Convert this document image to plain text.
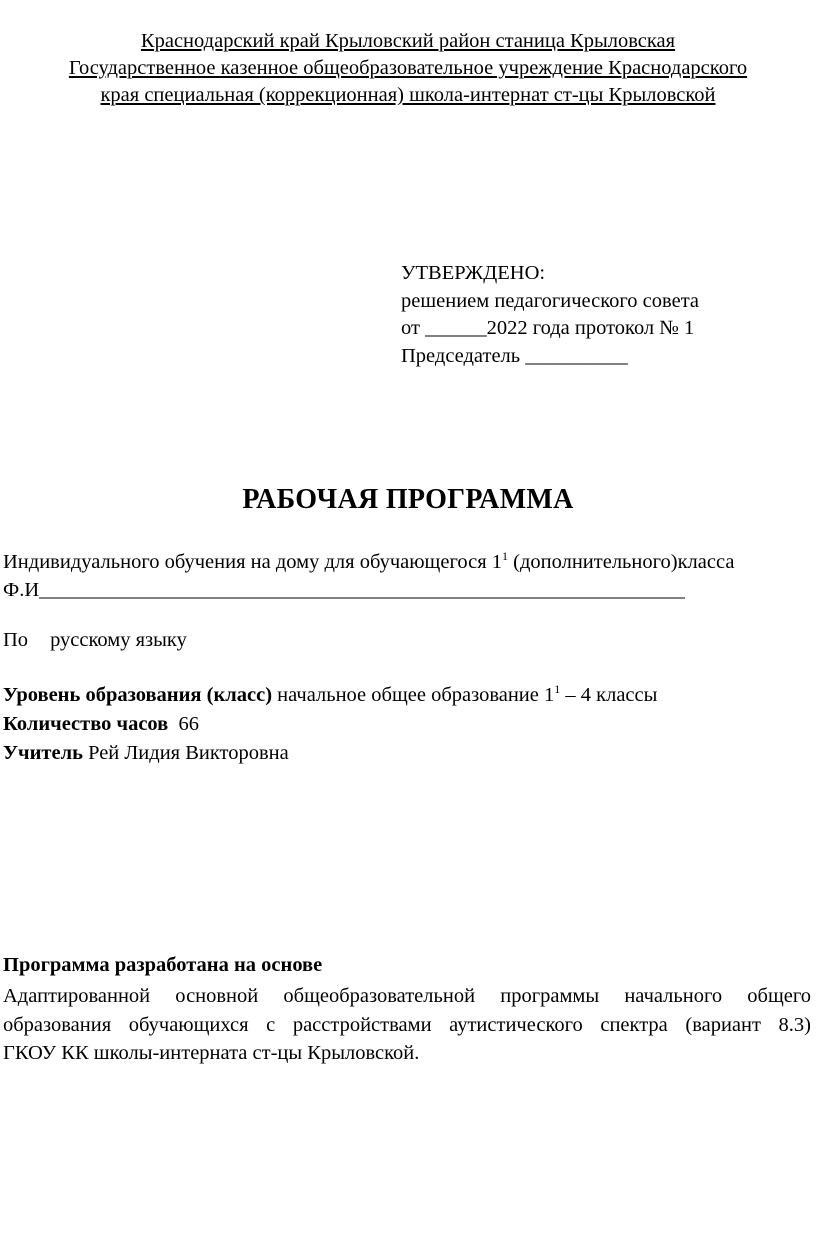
Краснодарский край Крыловский район станица Крыловская
Государственное казенное общеобразовательное учреждение Краснодарского
края специальная (коррекционная) школа-интернат ст-цы Крыловской
УТВЕРЖДЕНО:
решением педагогического совета
от ______2022 года протокол № 1
Председатель __________
РАБОЧАЯ ПРОГРАММА
Индивидуального обучения на дому для обучающегося $1^1$ (дополнительного)класса
Ф.И_______________________________________________________________
По русскому языку
Уровень образования (класс) начальное общее образование $1^1 - 4$ классы
Количество часов 66
Учитель Рей Лидия Викторовна
Программа разработана на основе
Адаптированной основной общеобразовательной программы начального общего
образования обучающихся с расстройствами аутистического спектра (вариант 8.3)
ГКОУ КК школы-интерната ст-цы Крыловской.
